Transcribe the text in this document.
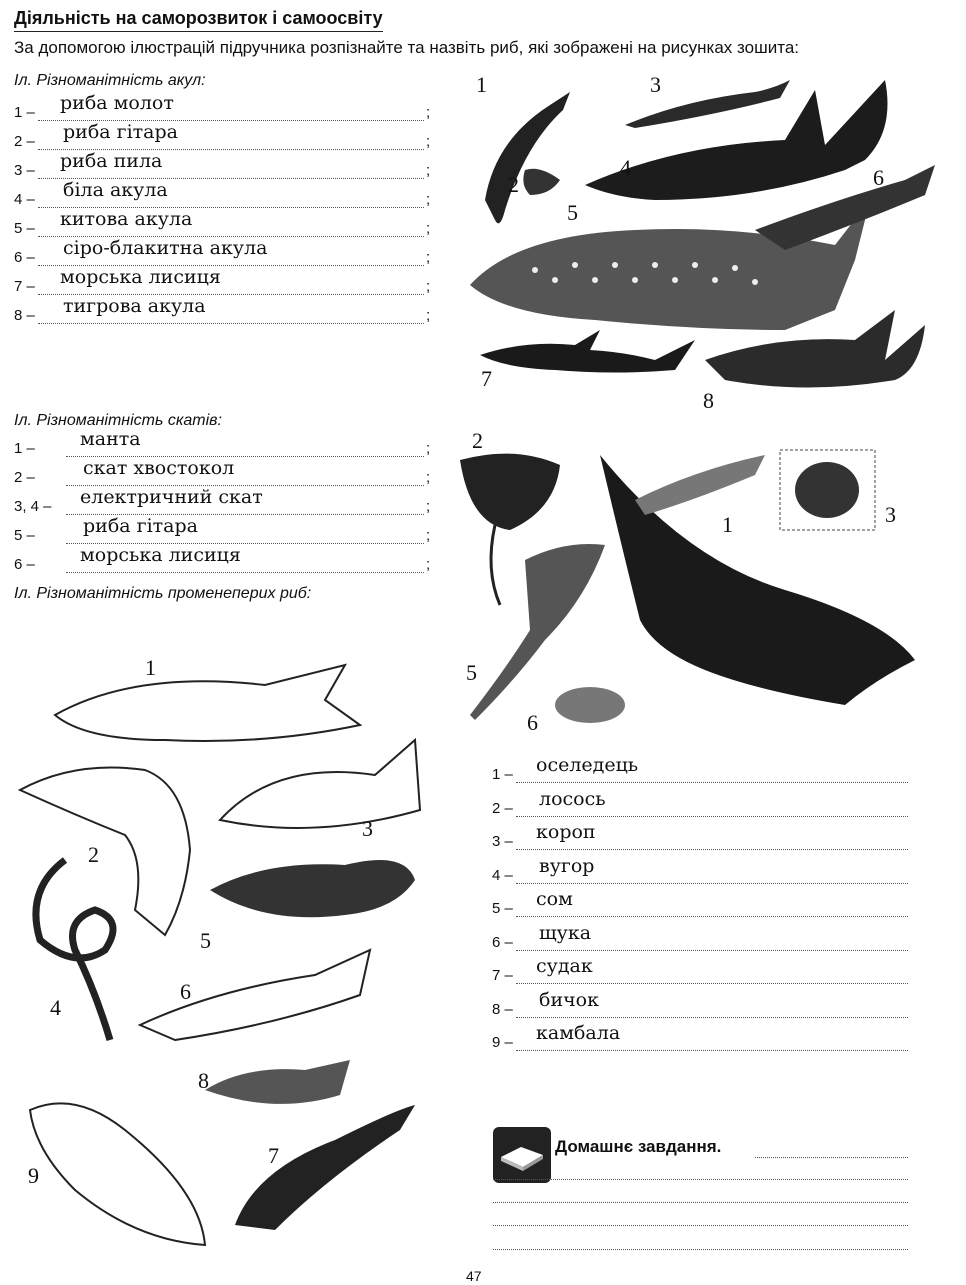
Діяльність на саморозвиток і самоосвіту
За допомогою ілюстрацій підручника розпізнайте та назвіть риб, які зображені на рисунках зошита:
Іл. Різноманітність акул:
1 – риба молот	;
2 – риба гітара	;
3 – риба пила	;
4 – біла акула	;
5 – китова акула	;
6 – сіро-блакитна акула	;
7 – морська лисиця	;
8 – тигрова акула	;
Іл. Різноманітність скатів:
1 – манта	;
2 –	скат хвостокол	;
3, 4 – електричний скат	;
5 –	риба гітара	;
6 – морська лисиця	;
Іл. Різноманітність променеперих риб:
1 – оселедець
2 – лосось
3 – короп
4 – вугор
5 – сом
6 – щука
7 – судак
8 – бичок
9 – камбала
1
2
3
4
5
6
7
8
2
1	3
5
6
1
2
3
4
5
6
7
8
9
Домашнє завдання.
47
